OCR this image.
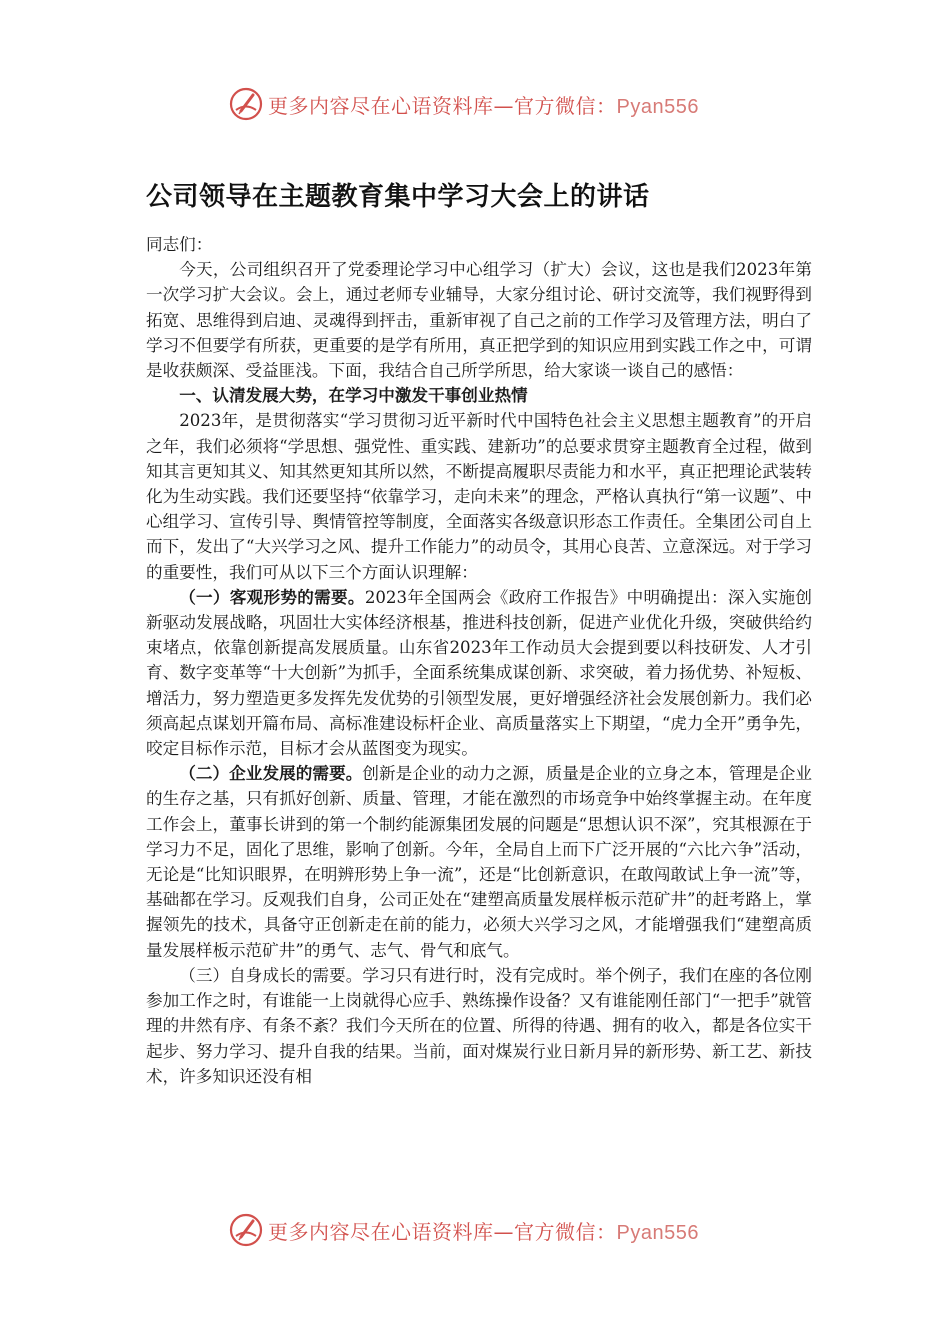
更多内容尽在心语资料库—官方微信：Pyan556
公司领导在主题教育集中学习大会上的讲话

同志们：

今天，公司组织召开了党委理论学习中心组学习（扩大）会议，这也是我们2023年第一次学习扩大会议。会上，通过老师专业辅导，大家分组讨论、研讨交流等，我们视野得到拓宽、思维得到启迪、灵魂得到抨击，重新审视了自己之前的工作学习及管理方法，明白了学习不但要学有所获，更重要的是学有所用，真正把学到的知识应用到实践工作之中，可谓是收获颇深、受益匪浅。下面，我结合自己所学所思，给大家谈一谈自己的感悟：

一、认清发展大势，在学习中激发干事创业热情

2023年，是贯彻落实“学习贯彻习近平新时代中国特色社会主义思想主题教育”的开启之年，我们必须将“学思想、强党性、重实践、建新功”的总要求贯穿主题教育全过程，做到知其言更知其义、知其然更知其所以然，不断提高履职尽责能力和水平，真正把理论武装转化为生动实践。我们还要坚持“依靠学习，走向未来”的理念，严格认真执行“第一议题”、中心组学习、宣传引导、舆情管控等制度，全面落实各级意识形态工作责任。全集团公司自上而下，发出了“大兴学习之风、提升工作能力”的动员令，其用心良苦、立意深远。对于学习的重要性，我们可从以下三个方面认识理解：

（一）客观形势的需要。2023年全国两会《政府工作报告》中明确提出：深入实施创新驱动发展战略，巩固壮大实体经济根基，推进科技创新，促进产业优化升级，突破供给约束堵点，依靠创新提高发展质量。山东省2023年工作动员大会提到要以科技研发、人才引育、数字变革等“十大创新”为抓手，全面系统集成谋创新、求突破，着力扬优势、补短板、增活力，努力塑造更多发挥先发优势的引领型发展，更好增强经济社会发展创新力。我们必须高起点谋划开篇布局、高标准建设标杆企业、高质量落实上下期望，“虎力全开”勇争先，咬定目标作示范，目标才会从蓝图变为现实。

（二）企业发展的需要。创新是企业的动力之源，质量是企业的立身之本，管理是企业的生存之基，只有抓好创新、质量、管理，才能在激烈的市场竞争中始终掌握主动。在年度工作会上，董事长讲到的第一个制约能源集团发展的问题是“思想认识不深”，究其根源在于学习力不足，固化了思维，影响了创新。今年，全局自上而下广泛开展的“六比六争”活动，无论是“比知识眼界，在明辨形势上争一流”，还是“比创新意识，在敢闯敢试上争一流”等，基础都在学习。反观我们自身，公司正处在“建塑高质量发展样板示范矿井”的赶考路上，掌握领先的技术，具备守正创新走在前的能力，必须大兴学习之风，才能增强我们“建塑高质量发展样板示范矿井”的勇气、志气、骨气和底气。

（三）自身成长的需要。学习只有进行时，没有完成时。举个例子，我们在座的各位刚参加工作之时，有谁能一上岗就得心应手、熟练操作设备？又有谁能刚任部门“一把手”就管理的井然有序、有条不紊？我们今天所在的位置、所得的待遇、拥有的收入，都是各位实干起步、努力学习、提升自我的结果。当前，面对煤炭行业日新月异的新形势、新工艺、新技术，许多知识还没有相

更多内容尽在心语资料库—官方微信：Pyan556
